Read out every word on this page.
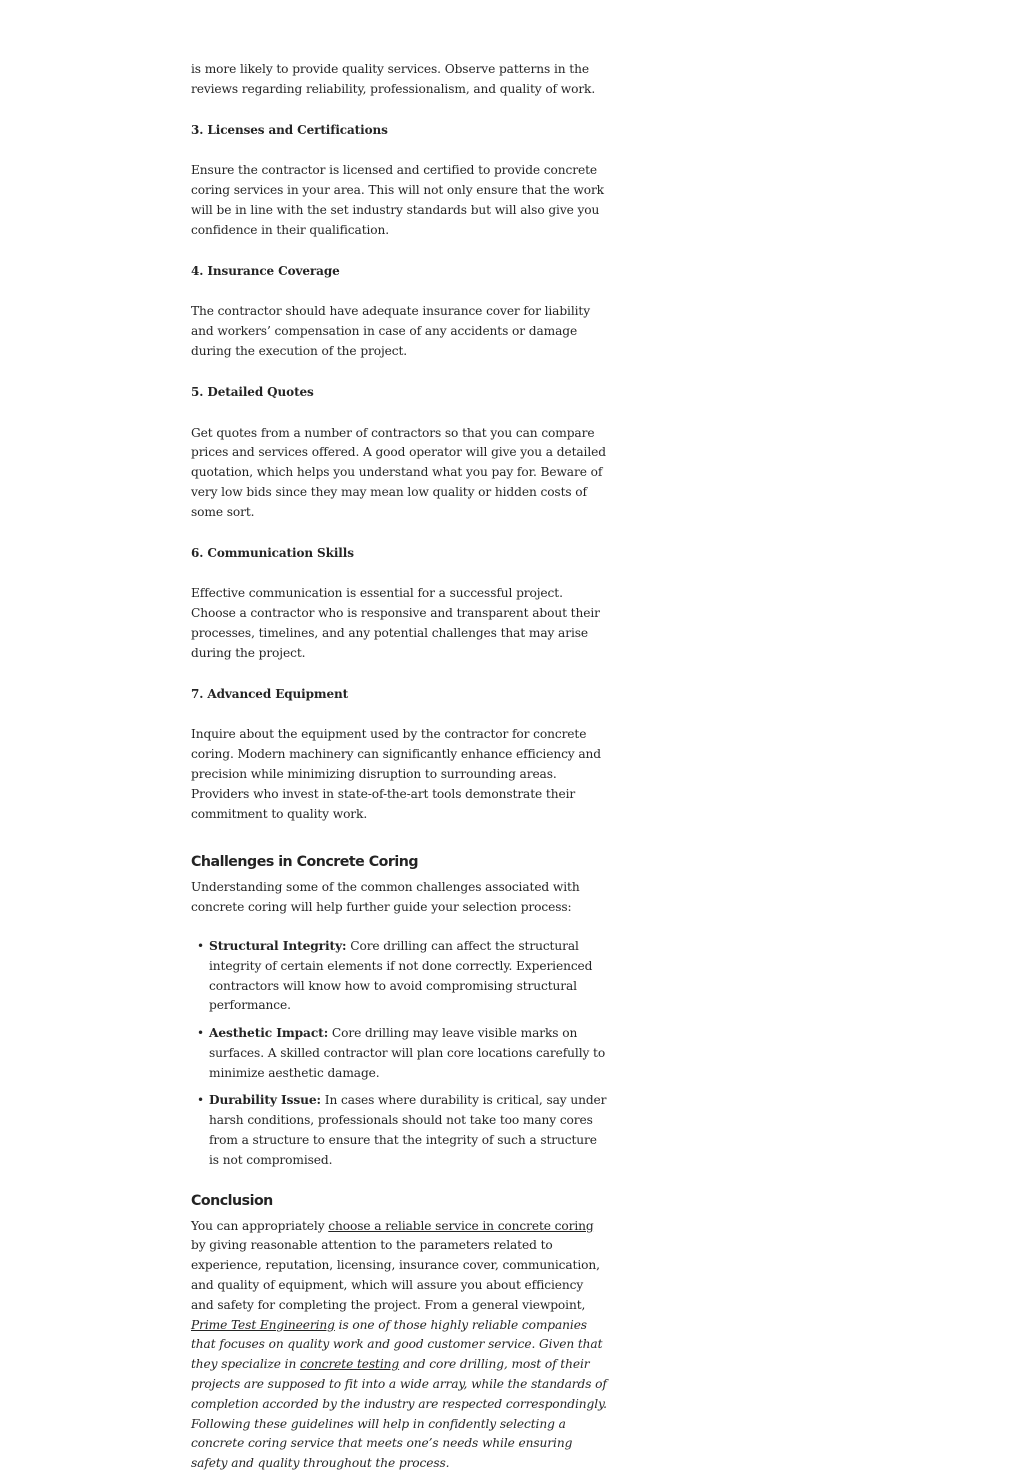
is more likely to provide quality services. Observe patterns in the reviews regarding reliability, professionalism, and quality of work.

3. Licenses and Certifications

Ensure the contractor is licensed and certified to provide concrete coring services in your area. This will not only ensure that the work will be in line with the set industry standards but will also give you confidence in their qualification.

4. Insurance Coverage

The contractor should have adequate insurance cover for liability and workers’ compensation in case of any accidents or damage during the execution of the project.

5. Detailed Quotes

Get quotes from a number of contractors so that you can compare prices and services offered. A good operator will give you a detailed quotation, which helps you understand what you pay for. Beware of very low bids since they may mean low quality or hidden costs of some sort.

6. Communication Skills

Effective communication is essential for a successful project. Choose a contractor who is responsive and transparent about their processes, timelines, and any potential challenges that may arise during the project.

7. Advanced Equipment

Inquire about the equipment used by the contractor for concrete coring. Modern machinery can significantly enhance efficiency and precision while minimizing disruption to surrounding areas. Providers who invest in state-of-the-art tools demonstrate their commitment to quality work.

Challenges in Concrete Coring

Understanding some of the common challenges associated with concrete coring will help further guide your selection process:

• Structural Integrity: Core drilling can affect the structural integrity of certain elements if not done correctly. Experienced contractors will know how to avoid compromising structural performance.
• Aesthetic Impact: Core drilling may leave visible marks on surfaces. A skilled contractor will plan core locations carefully to minimize aesthetic damage.
• Durability Issue: In cases where durability is critical, say under harsh conditions, professionals should not take too many cores from a structure to ensure that the integrity of such a structure is not compromised.
Conclusion

You can appropriately choose a reliable service in concrete coring by giving reasonable attention to the parameters related to experience, reputation, licensing, insurance cover, communication, and quality of equipment, which will assure you about efficiency and safety for completing the project. From a general viewpoint, Prime Test Engineering is one of those highly reliable companies that focuses on quality work and good customer service. Given that they specialize in concrete testing and core drilling, most of their projects are supposed to fit into a wide array, while the standards of completion accorded by the industry are respected correspondingly.

Following these guidelines will help in confidently selecting a concrete coring service that meets one’s needs while ensuring safety and quality throughout the process.
